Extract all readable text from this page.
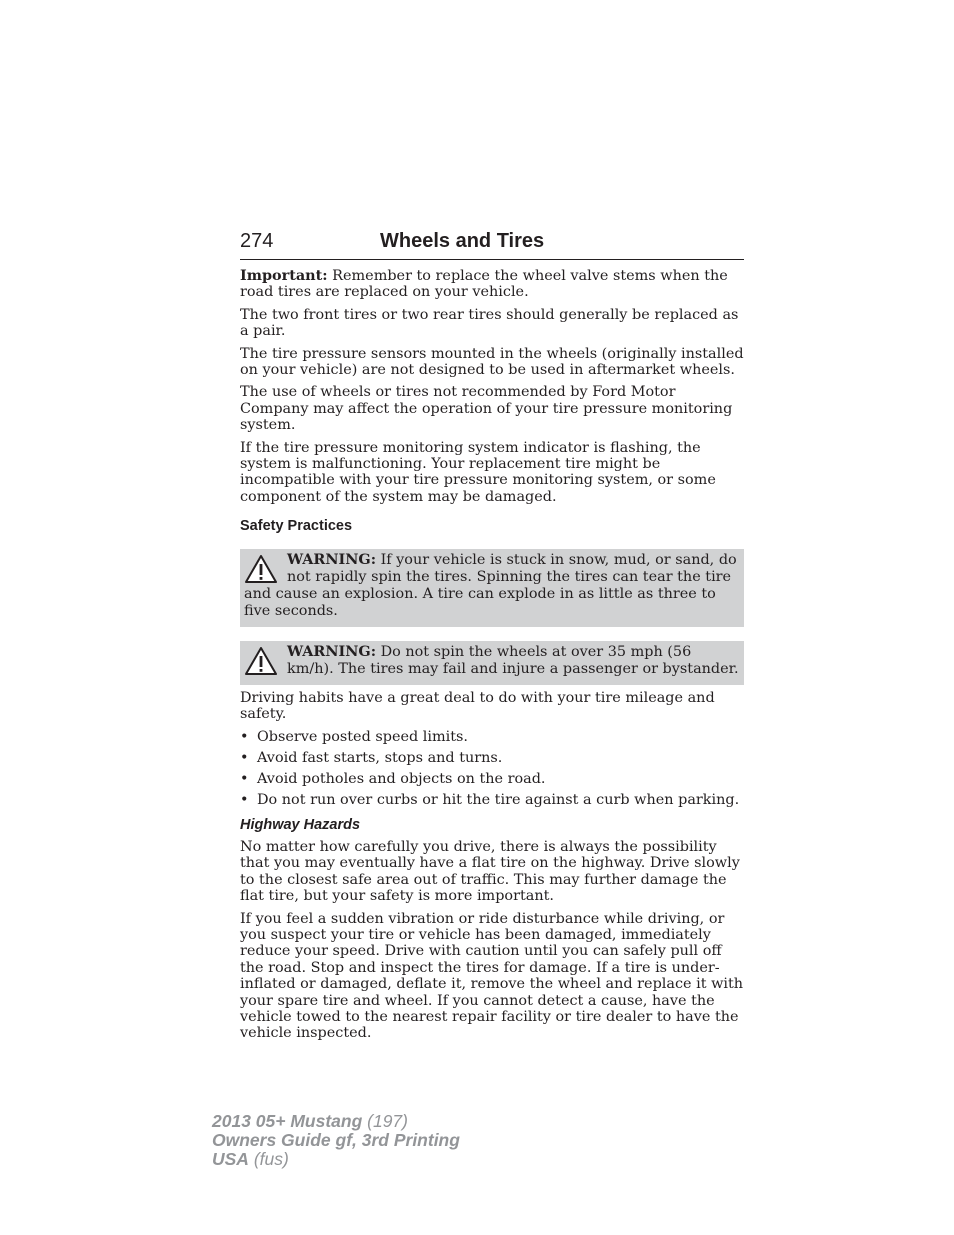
274	Wheels and Tires

Important: Remember to replace the wheel valve stems when the road tires are replaced on your vehicle.

The two front tires or two rear tires should generally be replaced as a pair.

The tire pressure sensors mounted in the wheels (originally installed on your vehicle) are not designed to be used in aftermarket wheels.

The use of wheels or tires not recommended by Ford Motor Company may affect the operation of your tire pressure monitoring system.

If the tire pressure monitoring system indicator is flashing, the system is malfunctioning. Your replacement tire might be incompatible with your tire pressure monitoring system, or some component of the system may be damaged.

Safety Practices
WARNING: If your vehicle is stuck in snow, mud, or sand, do not rapidly spin the tires. Spinning the tires can tear the tire and cause an explosion. A tire can explode in as little as three to five seconds.
WARNING: Do not spin the wheels at over 35 mph (56 km/h). The tires may fail and injure a passenger or bystander.

Driving habits have a great deal to do with your tire mileage and safety.

• Observe posted speed limits.
• Avoid fast starts, stops and turns.
• Avoid potholes and objects on the road.
• Do not run over curbs or hit the tire against a curb when parking.
Highway Hazards

No matter how carefully you drive, there is always the possibility that you may eventually have a flat tire on the highway. Drive slowly to the closest safe area out of traffic. This may further damage the flat tire, but your safety is more important.

If you feel a sudden vibration or ride disturbance while driving, or you suspect your tire or vehicle has been damaged, immediately reduce your speed. Drive with caution until you can safely pull off the road. Stop and inspect the tires for damage. If a tire is under-inflated or damaged, deflate it, remove the wheel and replace it with your spare tire and wheel. If you cannot detect a cause, have the vehicle towed to the nearest repair facility or tire dealer to have the vehicle inspected.

2013 05+ Mustang (197)
Owners Guide gf, 3rd Printing
USA (fus)
